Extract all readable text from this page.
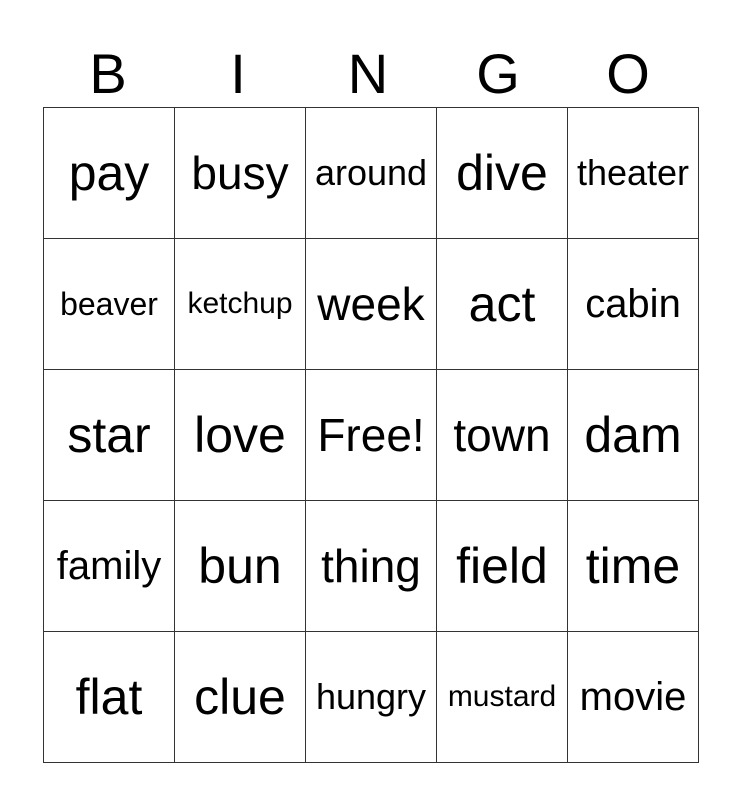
B	I	N	G	O
pay	busy	around	dive	theater
beaver	ketchup	week	act	cabin
star	love	Free!	town	dam
family	bun	thing	field	time
flat	clue	hungry	mustard	movie
